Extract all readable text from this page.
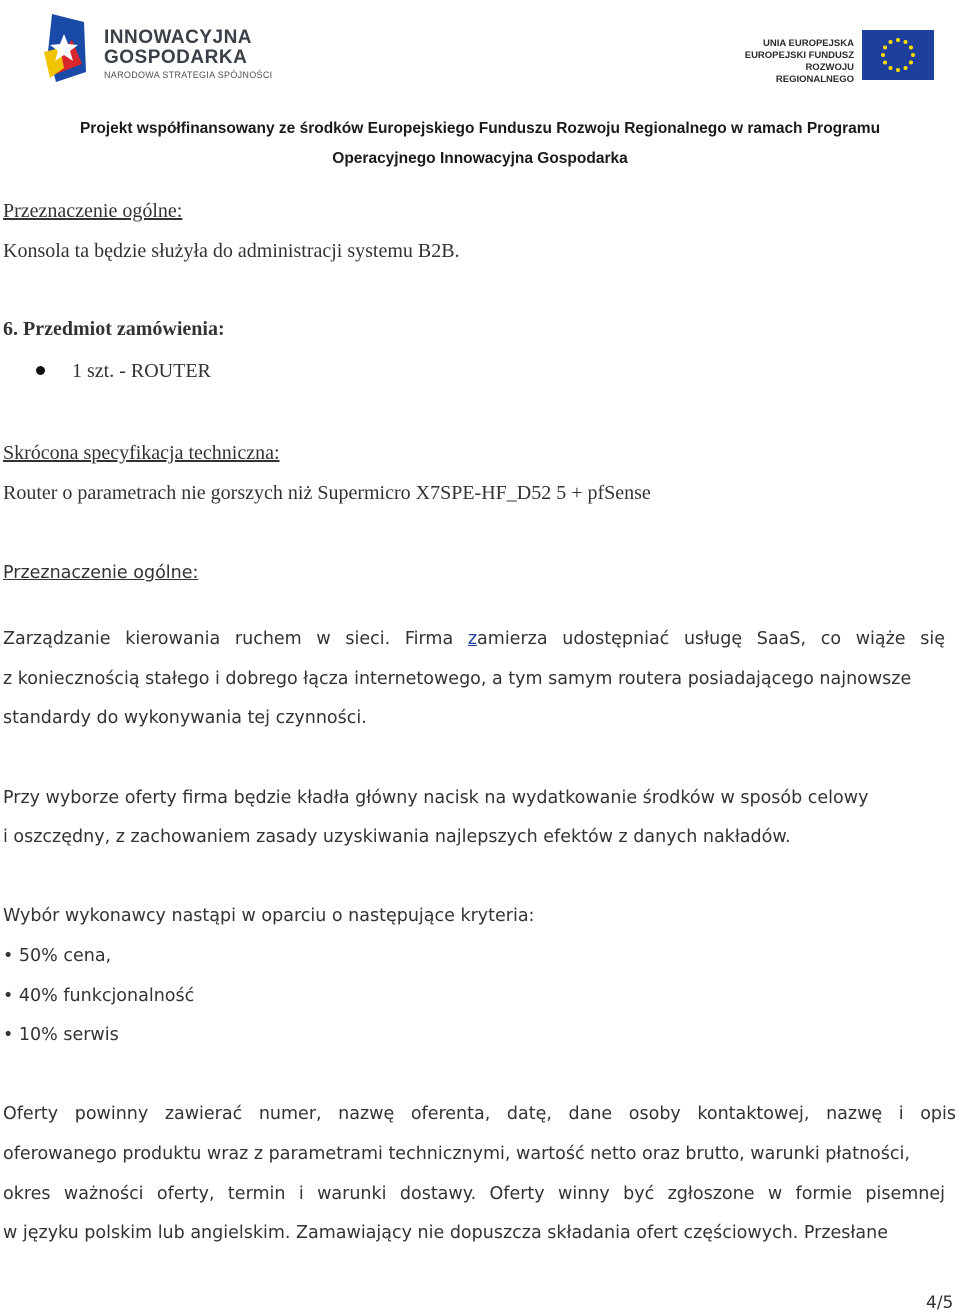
INNOWACYJNA
GOSPODARKA
NARODOWA STRATEGIA SPÓJNOŚCI
UNIA EUROPEJSKA
EUROPEJSKI FUNDUSZ
ROZWOJU REGIONALNEGO
Projekt współfinansowany ze środków Europejskiego Funduszu Rozwoju Regionalnego w ramach Programu
Operacyjnego Innowacyjna Gospodarka
Przeznaczenie ogólne:
Konsola ta będzie służyła do administracji systemu B2B.
6. Przedmiot zamówienia:
1 szt. - ROUTER
Skrócona specyfikacja techniczna:
Router o parametrach nie gorszych niż Supermicro X7SPE-HF_D52 5 + pfSense
Przeznaczenie ogólne:
Zarządzanie kierowania ruchem w sieci. Firma zamierza udostępniać usługę SaaS, co wiąże się
z koniecznością stałego i dobrego łącza internetowego, a tym samym routera posiadającego najnowsze
standardy do wykonywania tej czynności.
Przy wyborze oferty firma będzie kładła główny nacisk na wydatkowanie środków w sposób celowy
i oszczędny, z zachowaniem zasady uzyskiwania najlepszych efektów z danych nakładów.
Wybór wykonawcy nastąpi w oparciu o następujące kryteria:
• 50% cena,
• 40% funkcjonalność
• 10% serwis
Oferty powinny zawierać numer, nazwę oferenta, datę, dane osoby kontaktowej, nazwę i opis
oferowanego produktu wraz z parametrami technicznymi, wartość netto oraz brutto, warunki płatności,
okres ważności oferty, termin i warunki dostawy. Oferty winny być zgłoszone w formie pisemnej
w języku polskim lub angielskim. Zamawiający nie dopuszcza składania ofert częściowych. Przesłane
4/5
